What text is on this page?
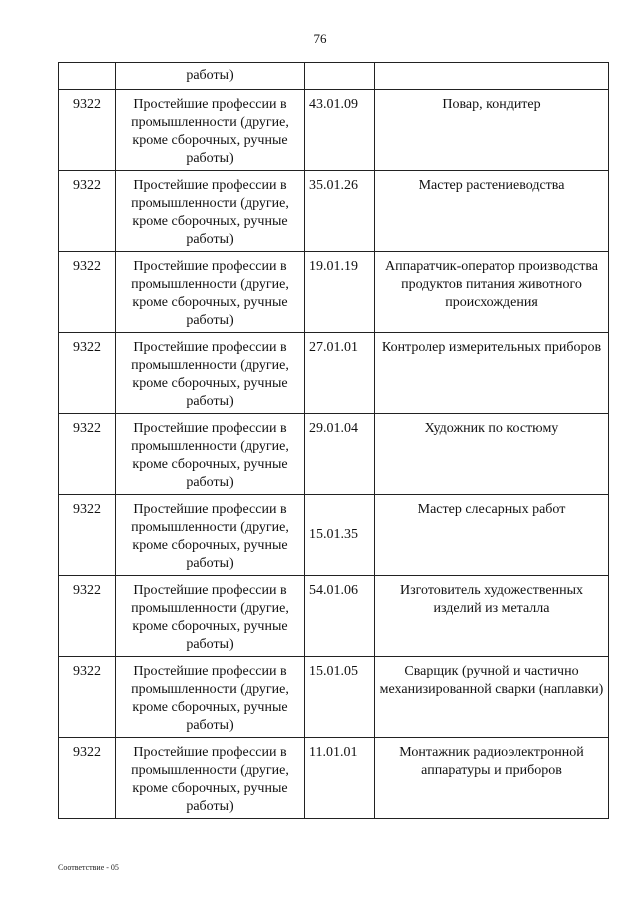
76
	работы)		
9322	Простейшие профессии в промышленности (другие, кроме сборочных, ручные работы)	43.01.09	Повар, кондитер
9322	Простейшие профессии в промышленности (другие, кроме сборочных, ручные работы)	35.01.26	Мастер растениеводства
9322	Простейшие профессии в промышленности (другие, кроме сборочных, ручные работы)	19.01.19	Аппаратчик-оператор производства продуктов питания животного происхождения
9322	Простейшие профессии в промышленности (другие, кроме сборочных, ручные работы)	27.01.01	Контролер измерительных приборов
9322	Простейшие профессии в промышленности (другие, кроме сборочных, ручные работы)	29.01.04	Художник по костюму
9322	Простейшие профессии в промышленности (другие, кроме сборочных, ручные работы)	15.01.35	Мастер слесарных работ
9322	Простейшие профессии в промышленности (другие, кроме сборочных, ручные работы)	54.01.06	Изготовитель художественных изделий из металла
9322	Простейшие профессии в промышленности (другие, кроме сборочных, ручные работы)	15.01.05	Сварщик (ручной и частично механизированной сварки (наплавки)
9322	Простейшие профессии в промышленности (другие, кроме сборочных, ручные работы)	11.01.01	Монтажник радиоэлектронной аппаратуры и приборов
Соответствие - 05
